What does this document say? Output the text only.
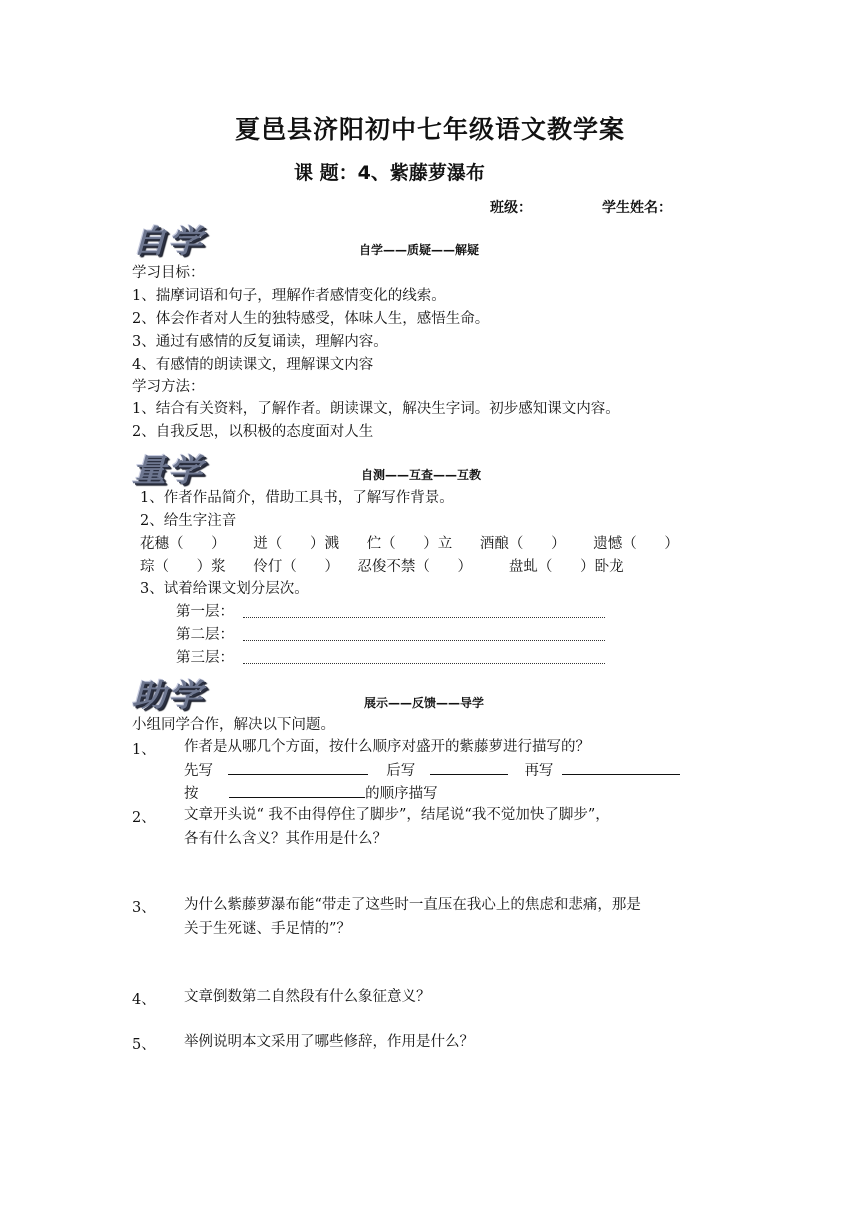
夏邑县济阳初中七年级语文教学案
课 题：4、紫藤萝瀑布
班级：	学生姓名：
自学	自学——质疑——解疑
学习目标：
1、揣摩词语和句子，理解作者感情变化的线索。
2、体会作者对人生的独特感受，体味人生，感悟生命。
3、通过有感情的反复诵读，理解内容。
4、有感情的朗读课文，理解课文内容
学习方法：
1、结合有关资料，了解作者。朗读课文，解决生字词。初步感知课文内容。
2、自我反思，以积极的态度面对人生
量学	自测——互查——互教
1、作者作品简介，借助工具书，了解写作背景。
2、给生字注音
花穗（      ）      迸（      ）溅      伫（      ）立      酒酿（      ）      遗憾（      ）
琮（      ）浆      伶仃（      ）    忍俊不禁（      ）        盘虬（      ）卧龙
3、试着给课文划分层次。
第一层：
第二层：
第三层：
助学	展示——反馈——导学
小组同学合作，解决以下问题。
1、 作者是从哪几个方面，按什么顺序对盛开的紫藤萝进行描写的？
先写	后写	再写
按	的顺序描写
2、 文章开头说“ 我不由得停住了脚步”，结尾说“我不觉加快了脚步”，
各有什么含义？其作用是什么？
3、 为什么紫藤萝瀑布能“带走了这些时一直压在我心上的焦虑和悲痛，那是
关于生死谜、手足情的”？
4、 文章倒数第二自然段有什么象征意义？
5、 举例说明本文采用了哪些修辞，作用是什么？
